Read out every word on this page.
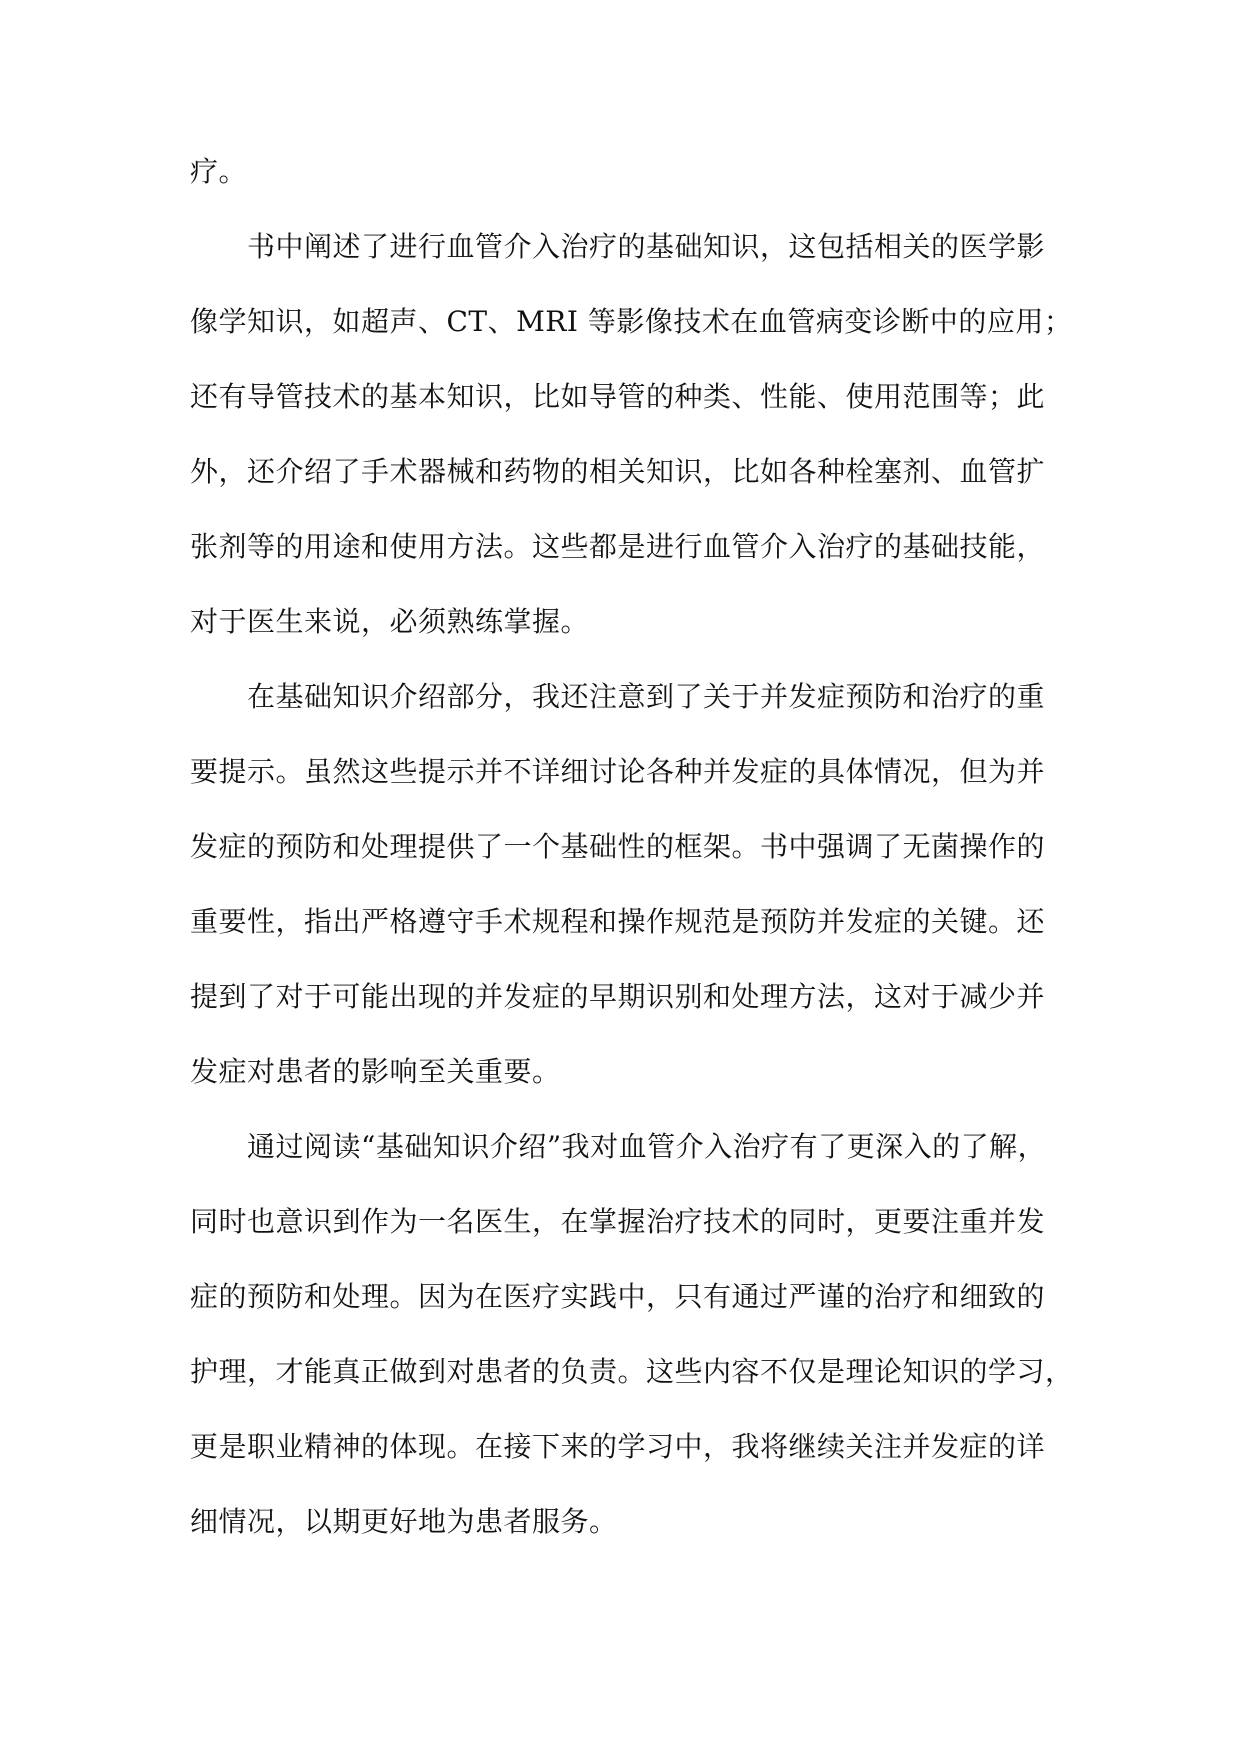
疗。
书中阐述了进行血管介入治疗的基础知识，这包括相关的医学影
像学知识，如超声、CT、MRI 等影像技术在血管病变诊断中的应用；
还有导管技术的基本知识，比如导管的种类、性能、使用范围等；此
外，还介绍了手术器械和药物的相关知识，比如各种栓塞剂、血管扩
张剂等的用途和使用方法。这些都是进行血管介入治疗的基础技能，
对于医生来说，必须熟练掌握。
在基础知识介绍部分，我还注意到了关于并发症预防和治疗的重
要提示。虽然这些提示并不详细讨论各种并发症的具体情况，但为并
发症的预防和处理提供了一个基础性的框架。书中强调了无菌操作的
重要性，指出严格遵守手术规程和操作规范是预防并发症的关键。还
提到了对于可能出现的并发症的早期识别和处理方法，这对于减少并
发症对患者的影响至关重要。
通过阅读“基础知识介绍”我对血管介入治疗有了更深入的了解，
同时也意识到作为一名医生，在掌握治疗技术的同时，更要注重并发
症的预防和处理。因为在医疗实践中，只有通过严谨的治疗和细致的
护理，才能真正做到对患者的负责。这些内容不仅是理论知识的学习，
更是职业精神的体现。在接下来的学习中，我将继续关注并发症的详
细情况，以期更好地为患者服务。
